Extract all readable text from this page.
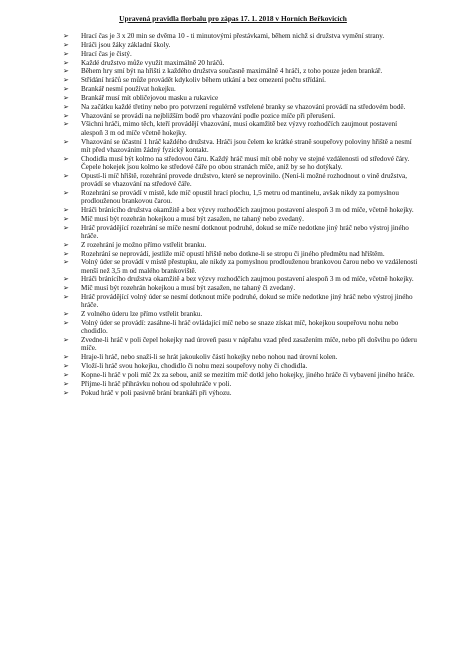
Upravená pravidla florbalu pro zápas 17. 1. 2018 v Horních Beřkovicích
➢ Hrací čas je 3 x 20 min se dvěma 10 - ti minutovými přestávkami, během nichž si družstva vymění strany.
➢ Hráči jsou žáky základní školy.
➢ Hrací čas je čistý.
➢ Každé družstvo může využít maximálně 20 hráčů.
➢ Během hry smí být na hřišti z každého družstva současně maximálně 4 hráči, z toho pouze jeden brankář.
➢ Střídání hráčů se může provádět kdykoliv během utkání a bez omezení počtu střídání.
➢ Brankář nesmí používat hokejku.
➢ Brankář musí mít obličejovou masku a rukavice
➢ Na začátku každé třetiny nebo pro potvrzení regulérně vstřelené branky se vhazování provádí na středovém bodě.
➢ Vhazování se provádí na nejbližším bodě pro vhazování podle pozice míče při přerušení.
➢ Všichni hráči, mimo těch, kteří provádějí vhazování, musí okamžitě bez výzvy rozhodčích zaujmout postavení alespoň 3 m od míče včetně hokejky.
➢ Vhazování se účastní 1 hráč každého družstva. Hráči jsou čelem ke krátké straně soupeřovy poloviny hřiště a nesmí mít před vhazováním žádný fyzický kontakt.
➢ Chodidla musí být kolmo na středovou čáru. Každý hráč musí mít obě nohy ve stejné vzdálenosti od středové čáry. Čepele hokejek jsou kolmo ke středové čáře po obou stranách míče, aniž by se ho dotýkaly.
➢ Opustí-li míč hřiště, rozehrání provede družstvo, které se neprovinilo. (Není-li možné rozhodnout o vině družstva, provádí se vhazování na středové čáře.
➢ Rozehrání se provádí v místě, kde míč opustil hrací plochu, 1,5 metru od mantinelu, avšak nikdy za pomyslnou prodlouženou brankovou čarou.
➢ Hráči bránícího družstva okamžitě a bez výzvy rozhodčích zaujmou postavení alespoň 3 m od míče, včetně hokejky.
➢ Míč musí být rozehrán hokejkou a musí být zasažen, ne tahaný nebo zvedaný.
➢ Hráč provádějící rozehrání se míče nesmí dotknout podruhé, dokud se míče nedotkne jiný hráč nebo výstroj jiného hráče.
➢ Z rozehrání je možno přímo vstřelit branku.
➢ Rozehrání se neprovádí, jestliže míč opustí hřiště nebo dotkne-li se stropu či jiného předmětu nad hřištěm.
➢ Volný úder se provádí v místě přestupku, ale nikdy za pomyslnou prodlouženou brankovou čarou nebo ve vzdálenosti menší než 3,5 m od malého brankoviště.
➢ Hráči bránícího družstva okamžitě a bez výzvy rozhodčích zaujmou postavení alespoň 3 m od míče, včetně hokejky.
➢ Míč musí být rozehrán hokejkou a musí být zasažen, ne tahaný či zvedaný.
➢ Hráč provádějící volný úder se nesmí dotknout míče podruhé, dokud se míče nedotkne jiný hráč nebo výstroj jiného hráče.
➢ Z volného úderu lze přímo vstřelit branku.
➢ Volný úder se provádí: zasáhne-li hráč ovládající míč nebo se snaze získat míč, hokejkou soupeřovu nohu nebo chodidlo.
➢ Zvedne-li hráč v poli čepel hokejky nad úroveň pasu v nápřahu vzad před zasažením míče, nebo při došvihu po úderu míče.
➢ Hraje-li hráč, nebo snaží-li se hrát jakoukoliv částí hokejky nebo nohou nad úrovní kolen.
➢ Vloží-li hráč svou hokejku, chodidlo či nohu mezi soupeřovy nohy či chodidla.
➢ Kopne-li hráč v poli míč 2x za sebou, aniž se mezitím míč dotkl jeho hokejky, jiného hráče či vybavení jiného hráče.
➢ Přijme-li hráč přihrávku nohou od spoluhráče v poli.
➢ Pokud hráč v poli pasivně brání brankáři při výhozu.
